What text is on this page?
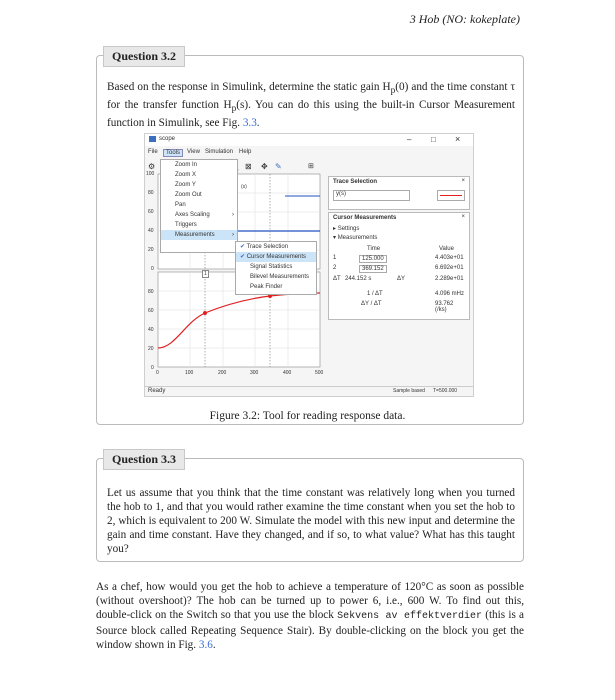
3 Hob (NO: kokeplate)
Question 3.2
Based on the response in Simulink, determine the static gain $H_p(0)$ and the time constant τ for the transfer function $H_p(s)$. You can do this using the built-in Cursor Measurement function in Simulink, see Fig. 3.3.
scope	– □ ×
File	Tools	View Simulation Help
⚙	⊠ ✥ ✎	⊞
100
80
60
40
20
0
80
60
40
20
0
0	100	200	300	400	500
(s)
1
Zoom In
Zoom X
Zoom Y
Zoom Out
Pan
Axes Scaling	›
Triggers
Measurements	›
✔ Trace Selection
✔ Cursor Measurements
Signal Statistics
Bilevel Measurements
Peak Finder
Trace Selection	×
y(s)
Cursor Measurements	×
▸ Settings
▾ Measurements
Time	Value
1	125.000	4.403e+01
2	369.152	6.692e+01
ΔT 244.152 s	ΔY	2.289e+01
1 / ΔT	4.096 mHz
ΔY / ΔT	93.762 (/ks)
Ready	Sample based T=500.000
Figure 3.2: Tool for reading response data.
Question 3.3
Let us assume that you think that the time constant was relatively long when you turned the hob to 1, and that you would rather examine the time constant when you set the hob to 2, which is equivalent to 200 W. Simulate the model with this new input and determine the gain and time constant. Have they changed, and if so, to what value? What has this taught you?
As a chef, how would you get the hob to achieve a temperature of 120°C as soon as possible (without overshoot)? The hob can be turned up to power 6, i.e., 600 W. To find out this, double-click on the Switch so that you use the block Sekvens av effektverdier (this is a Source block called Repeating Sequence Stair). By double-clicking on the block you get the window shown in Fig. 3.6.
